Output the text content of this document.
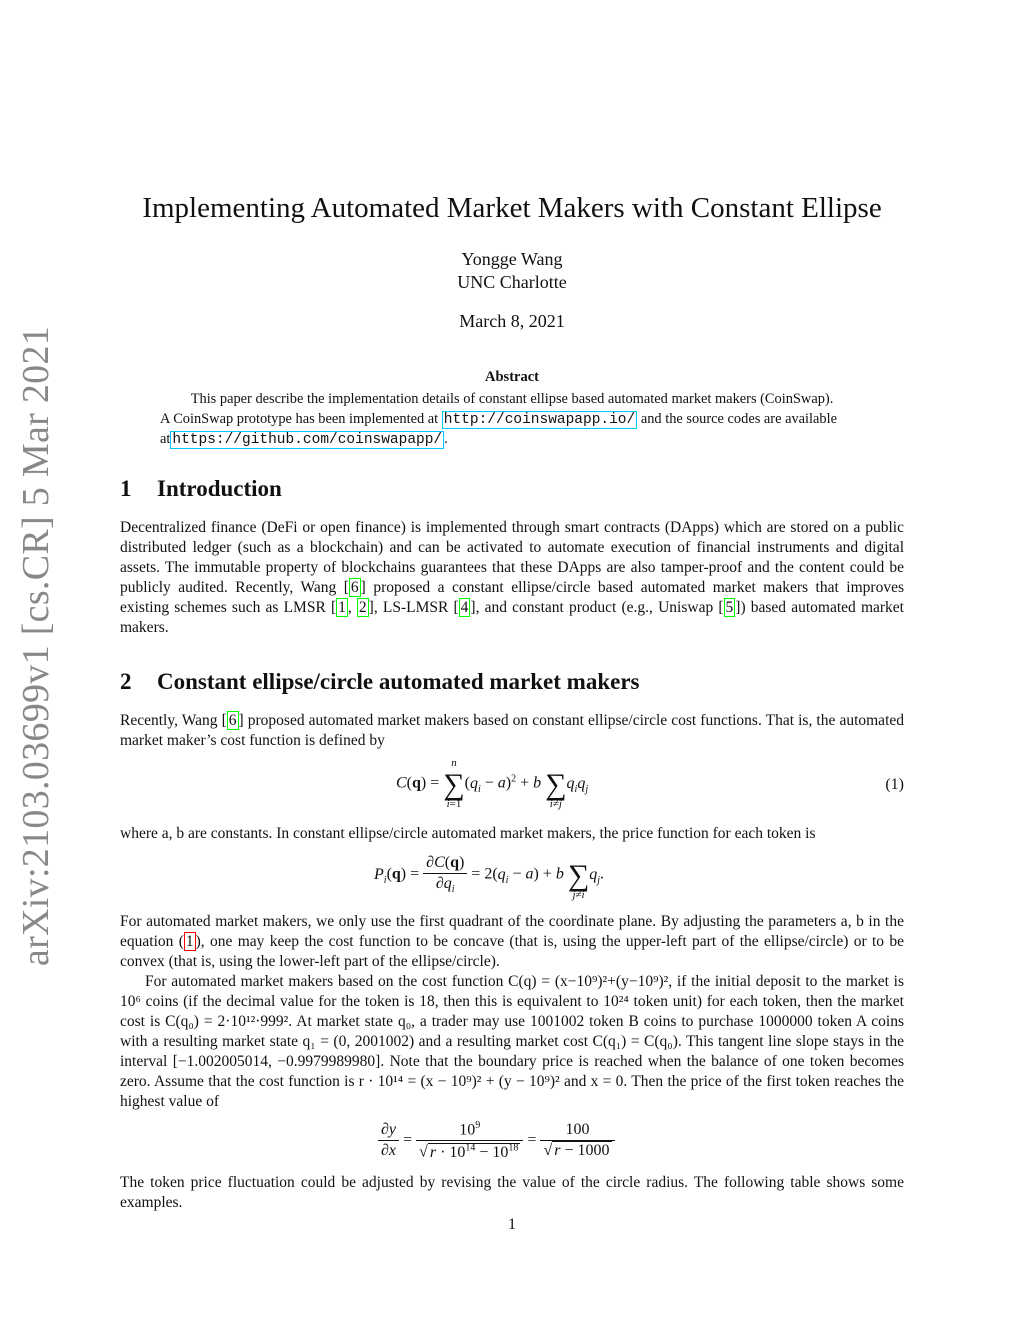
arXiv:2103.03699v1 [cs.CR] 5 Mar 2021
Implementing Automated Market Makers with Constant Ellipse
Yongge Wang
UNC Charlotte
March 8, 2021
Abstract

This paper describe the implementation details of constant ellipse based automated market makers (CoinSwap).

A CoinSwap prototype has been implemented at http://coinswapapp.io/ and the source codes are available

at https://github.com/coinswapapp/ .

1 Introduction

Decentralized finance (DeFi or open finance) is implemented through smart contracts (DApps) which are stored on a public distributed ledger (such as a blockchain) and can be activated to automate execution of financial instruments and digital assets. The immutable property of blockchains guarantees that these DApps are also tamper-proof and the content could be publicly audited. Recently, Wang [ 6 ] proposed a constant ellipse/circle based automated market makers that improves existing schemes such as LMSR [ 1 , 2 ], LS-LMSR [ 4 ], and constant product (e.g., Uniswap [ 5 ]) based automated market makers.

2 Constant ellipse/circle automated market makers

Recently, Wang [ 6 ] proposed automated market makers based on constant ellipse/circle cost functions. That is, the automated market maker’s cost function is defined by

C(q) =
n
∑
i=1
$(q_i - a)^2 + b$ ∑
i≠j
$q_iq_j$	(1)

where a, b are constants. In constant ellipse/circle automated market makers, the price function for each token is

$P_i(q) = \frac{\partial C(q)}{\partial q_i} = 2(q_i - a) + b$ ∑
j≠i
$q_j$.

For automated market makers, we only use the first quadrant of the coordinate plane. By adjusting the parameters a, b in the equation ( 1 ), one may keep the cost function to be concave (that is, using the upper-left part of the ellipse/circle) or to be convex (that is, using the lower-left part of the ellipse/circle).

For automated market makers based on the cost function C(q) = (x−10⁹)²+(y−10⁹)², if the initial deposit to the market is 10⁶ coins (if the decimal value for the token is 18, then this is equivalent to 10²⁴ token unit) for each token, then the market cost is C(q₀) = 2·10¹²·999². At market state q₀, a trader may use 1001002 token B coins to purchase 1000000 token A coins with a resulting market state q₁ = (0, 2001002) and a resulting market cost C(q₁) = C(q₀). This tangent line slope stays in the interval [−1.002005014, −0.9979989980]. Note that the boundary price is reached when the balance of one token becomes zero. Assume that the cost function is r · 10¹⁴ = (x − 10⁹)² + (y − 10⁹)² and x = 0. Then the price of the first token reaches the highest value of

$\frac{\partial y}{\partial x} = \frac{10^9}{√ r \cdot 10^{14} - 10^{18}} = \frac{100}{√ r - 1000}$

The token price fluctuation could be adjusted by revising the value of the circle radius. The following table shows some examples.

1
